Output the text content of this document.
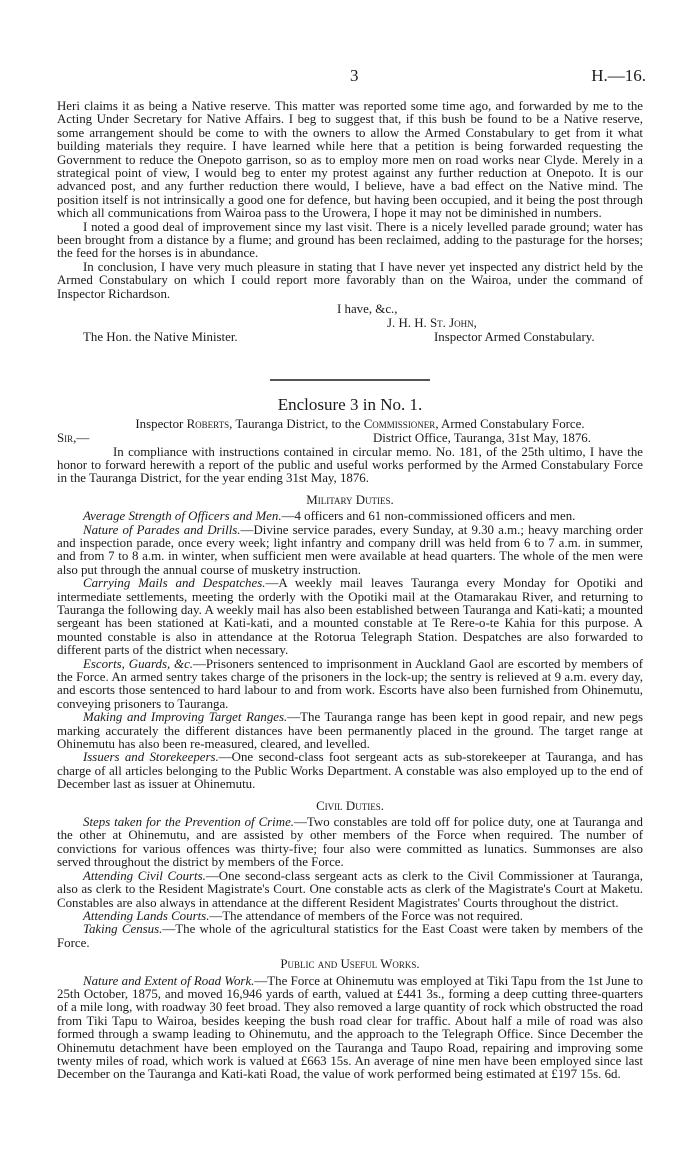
3	H.—16.

Heri claims it as being a Native reserve. This matter was reported some time ago, and forwarded by me to the Acting Under Secretary for Native Affairs. I beg to suggest that, if this bush be found to be a Native reserve, some arrangement should be come to with the owners to allow the Armed Constabulary to get from it what building materials they require. I have learned while here that a petition is being forwarded requesting the Government to reduce the Onepoto garrison, so as to employ more men on road works near Clyde. Merely in a strategical point of view, I would beg to enter my protest against any further reduction at Onepoto. It is our advanced post, and any further reduction there would, I believe, have a bad effect on the Native mind. The position itself is not intrinsically a good one for defence, but having been occupied, and it being the post through which all communications from Wairoa pass to the Urowera, I hope it may not be diminished in numbers.

I noted a good deal of improvement since my last visit. There is a nicely levelled parade ground; water has been brought from a distance by a flume; and ground has been reclaimed, adding to the pasturage for the horses; the feed for the horses is in abundance.

In conclusion, I have very much pleasure in stating that I have never yet inspected any district held by the Armed Constabulary on which I could report more favorably than on the Wairoa, under the command of Inspector Richardson.

I have, &c.,
J. H. H. St. John,
The Hon. the Native Minister.	Inspector Armed Constabulary.
Enclosure 3 in No. 1.

Inspector Roberts, Tauranga District, to the Commissioner, Armed Constabulary Force.

Sir,—	District Office, Tauranga, 31st May, 1876.

In compliance with instructions contained in circular memo. No. 181, of the 25th ultimo, I have the honor to forward herewith a report of the public and useful works performed by the Armed Constabulary Force in the Tauranga District, for the year ending 31st May, 1876.

Military Duties.

Average Strength of Officers and Men.—4 officers and 61 non-commissioned officers and men.

Nature of Parades and Drills.—Divine service parades, every Sunday, at 9.30 a.m.; heavy marching order and inspection parade, once every week; light infantry and company drill was held from 6 to 7 a.m. in summer, and from 7 to 8 a.m. in winter, when sufficient men were available at head quarters. The whole of the men were also put through the annual course of musketry instruction.

Carrying Mails and Despatches.—A weekly mail leaves Tauranga every Monday for Opotiki and intermediate settlements, meeting the orderly with the Opotiki mail at the Otamarakau River, and returning to Tauranga the following day. A weekly mail has also been established between Tauranga and Kati-kati; a mounted sergeant has been stationed at Kati-kati, and a mounted constable at Te Rere-o-te Kahia for this purpose. A mounted constable is also in attendance at the Rotorua Telegraph Station. Despatches are also forwarded to different parts of the district when necessary.

Escorts, Guards, &c.—Prisoners sentenced to imprisonment in Auckland Gaol are escorted by members of the Force. An armed sentry takes charge of the prisoners in the lock-up; the sentry is relieved at 9 a.m. every day, and escorts those sentenced to hard labour to and from work. Escorts have also been furnished from Ohinemutu, conveying prisoners to Tauranga.

Making and Improving Target Ranges.—The Tauranga range has been kept in good repair, and new pegs marking accurately the different distances have been permanently placed in the ground. The target range at Ohinemutu has also been re-measured, cleared, and levelled.

Issuers and Storekeepers.—One second-class foot sergeant acts as sub-storekeeper at Tauranga, and has charge of all articles belonging to the Public Works Department. A constable was also employed up to the end of December last as issuer at Ohinemutu.

Civil Duties.

Steps taken for the Prevention of Crime.—Two constables are told off for police duty, one at Tauranga and the other at Ohinemutu, and are assisted by other members of the Force when required. The number of convictions for various offences was thirty-five; four also were committed as lunatics. Summonses are also served throughout the district by members of the Force.

Attending Civil Courts.—One second-class sergeant acts as clerk to the Civil Commissioner at Tauranga, also as clerk to the Resident Magistrate's Court. One constable acts as clerk of the Magistrate's Court at Maketu. Constables are also always in attendance at the different Resident Magistrates' Courts throughout the district.

Attending Lands Courts.—The attendance of members of the Force was not required.

Taking Census.—The whole of the agricultural statistics for the East Coast were taken by members of the Force.

Public and Useful Works.

Nature and Extent of Road Work.—The Force at Ohinemutu was employed at Tiki Tapu from the 1st June to 25th October, 1875, and moved 16,946 yards of earth, valued at £441 3s., forming a deep cutting three-quarters of a mile long, with roadway 30 feet broad. They also removed a large quantity of rock which obstructed the road from Tiki Tapu to Wairoa, besides keeping the bush road clear for traffic. About half a mile of road was also formed through a swamp leading to Ohinemutu, and the approach to the Telegraph Office. Since December the Ohinemutu detachment have been employed on the Tauranga and Taupo Road, repairing and improving some twenty miles of road, which work is valued at £663 15s. An average of nine men have been employed since last December on the Tauranga and Kati-kati Road, the value of work performed being estimated at £197 15s. 6d.
